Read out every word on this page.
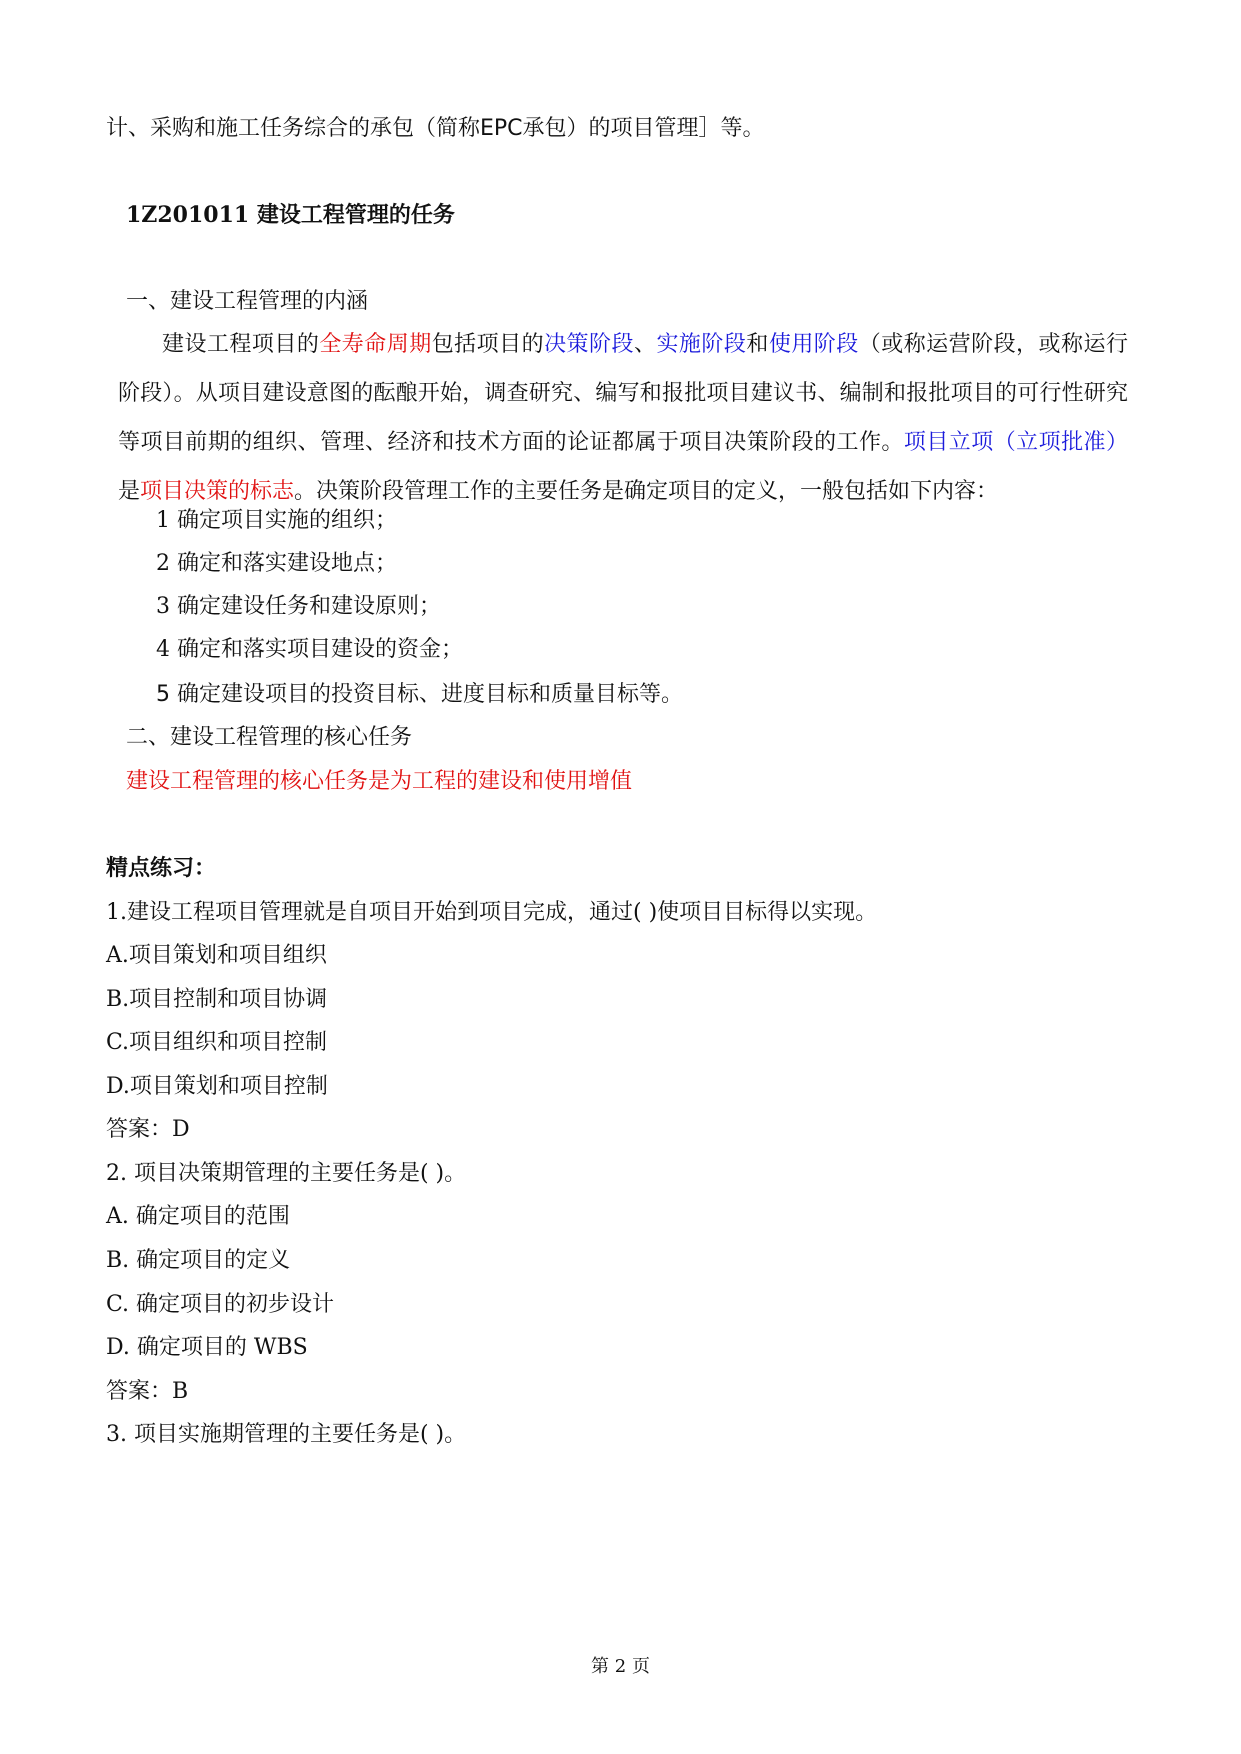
计、采购和施工任务综合的承包（简称EPC承包）的项目管理］等。
1Z201011 建设工程管理的任务
一、建设工程管理的内涵
建设工程项目的全寿命周期包括项目的决策阶段、实施阶段和使用阶段（或称运营阶段，或称运行阶段）。从项目建设意图的酝酿开始，调查研究、编写和报批项目建议书、编制和报批项目的可行性研究等项目前期的组织、管理、经济和技术方面的论证都属于项目决策阶段的工作。项目立项（立项批准）是项目决策的标志。决策阶段管理工作的主要任务是确定项目的定义，一般包括如下内容：
1 确定项目实施的组织；
2 确定和落实建设地点；
3 确定建设任务和建设原则；
4 确定和落实项目建设的资金；
5 确定建设项目的投资目标、进度目标和质量目标等。
二、建设工程管理的核心任务
建设工程管理的核心任务是为工程的建设和使用增值
精点练习：
1.建设工程项目管理就是自项目开始到项目完成，通过( )使项目目标得以实现。
A.项目策划和项目组织
B.项目控制和项目协调
C.项目组织和项目控制
D.项目策划和项目控制
答案：D
2. 项目决策期管理的主要任务是( )。
A. 确定项目的范围
B. 确定项目的定义
C. 确定项目的初步设计
D. 确定项目的 WBS
答案：B
3. 项目实施期管理的主要任务是( )。
第 2 页
